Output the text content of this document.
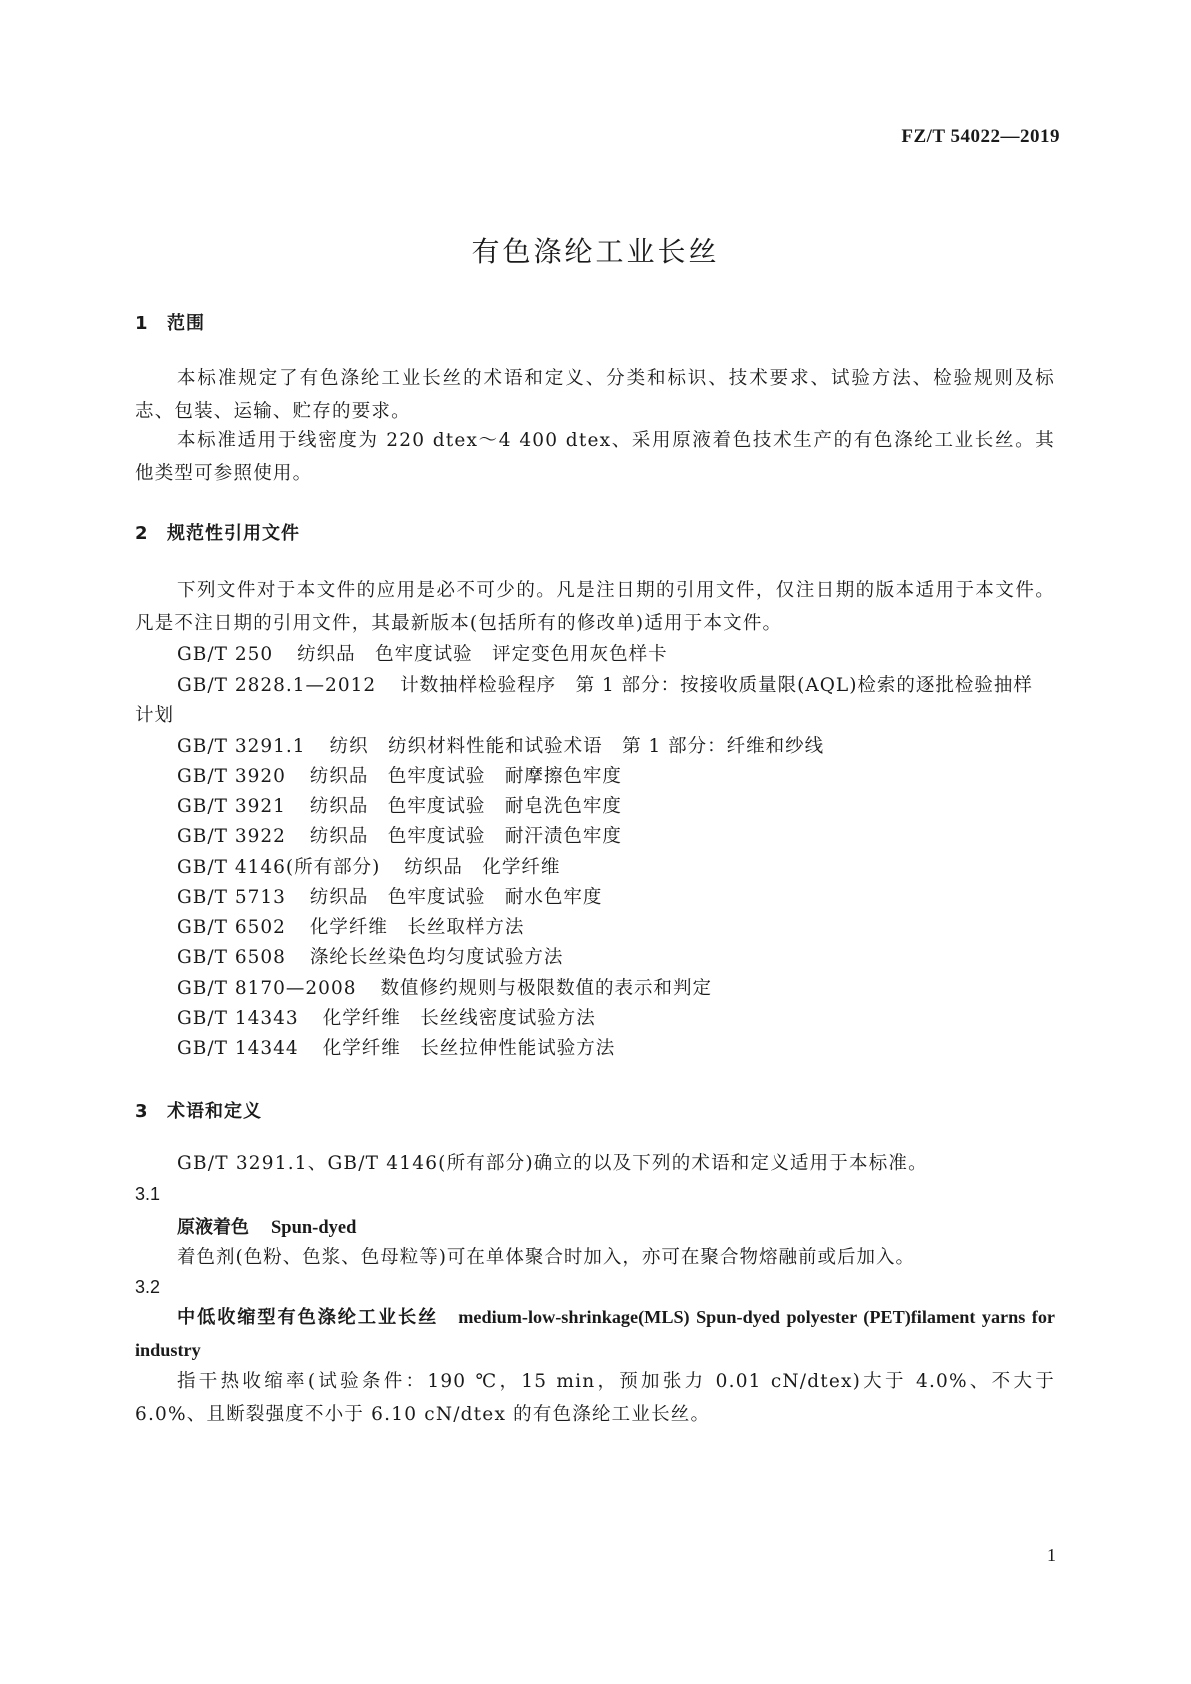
FZ/T 54022—2019
有色涤纶工业长丝
1 范围
本标准规定了有色涤纶工业长丝的术语和定义、分类和标识、技术要求、试验方法、检验规则及标志、包装、运输、贮存的要求。
本标准适用于线密度为 220 dtex～4 400 dtex、采用原液着色技术生产的有色涤纶工业长丝。其他类型可参照使用。
2 规范性引用文件
下列文件对于本文件的应用是必不可少的。凡是注日期的引用文件，仅注日期的版本适用于本文件。凡是不注日期的引用文件，其最新版本(包括所有的修改单)适用于本文件。
GB/T 250 纺织品　色牢度试验　评定变色用灰色样卡
GB/T 2828.1—2012 计数抽样检验程序　第 1 部分：按接收质量限(AQL)检索的逐批检验抽样
计划
GB/T 3291.1 纺织　纺织材料性能和试验术语　第 1 部分：纤维和纱线
GB/T 3920 纺织品　色牢度试验　耐摩擦色牢度
GB/T 3921 纺织品　色牢度试验　耐皂洗色牢度
GB/T 3922 纺织品　色牢度试验　耐汗渍色牢度
GB/T 4146(所有部分) 纺织品　化学纤维
GB/T 5713 纺织品　色牢度试验　耐水色牢度
GB/T 6502 化学纤维　长丝取样方法
GB/T 6508 涤纶长丝染色均匀度试验方法
GB/T 8170—2008 数值修约规则与极限数值的表示和判定
GB/T 14343 化学纤维　长丝线密度试验方法
GB/T 14344 化学纤维　长丝拉伸性能试验方法
3 术语和定义
GB/T 3291.1、GB/T 4146(所有部分)确立的以及下列的术语和定义适用于本标准。
3.1
原液着色 Spun-dyed
着色剂(色粉、色浆、色母粒等)可在单体聚合时加入，亦可在聚合物熔融前或后加入。
3.2
中低收缩型有色涤纶工业长丝 medium-low-shrinkage(MLS) Spun-dyed polyester (PET)filament yarns for industry
指干热收缩率(试验条件：190 ℃，15 min，预加张力 0.01 cN/dtex)大于 4.0%、不大于 6.0%、且断裂强度不小于 6.10 cN/dtex 的有色涤纶工业长丝。
1
